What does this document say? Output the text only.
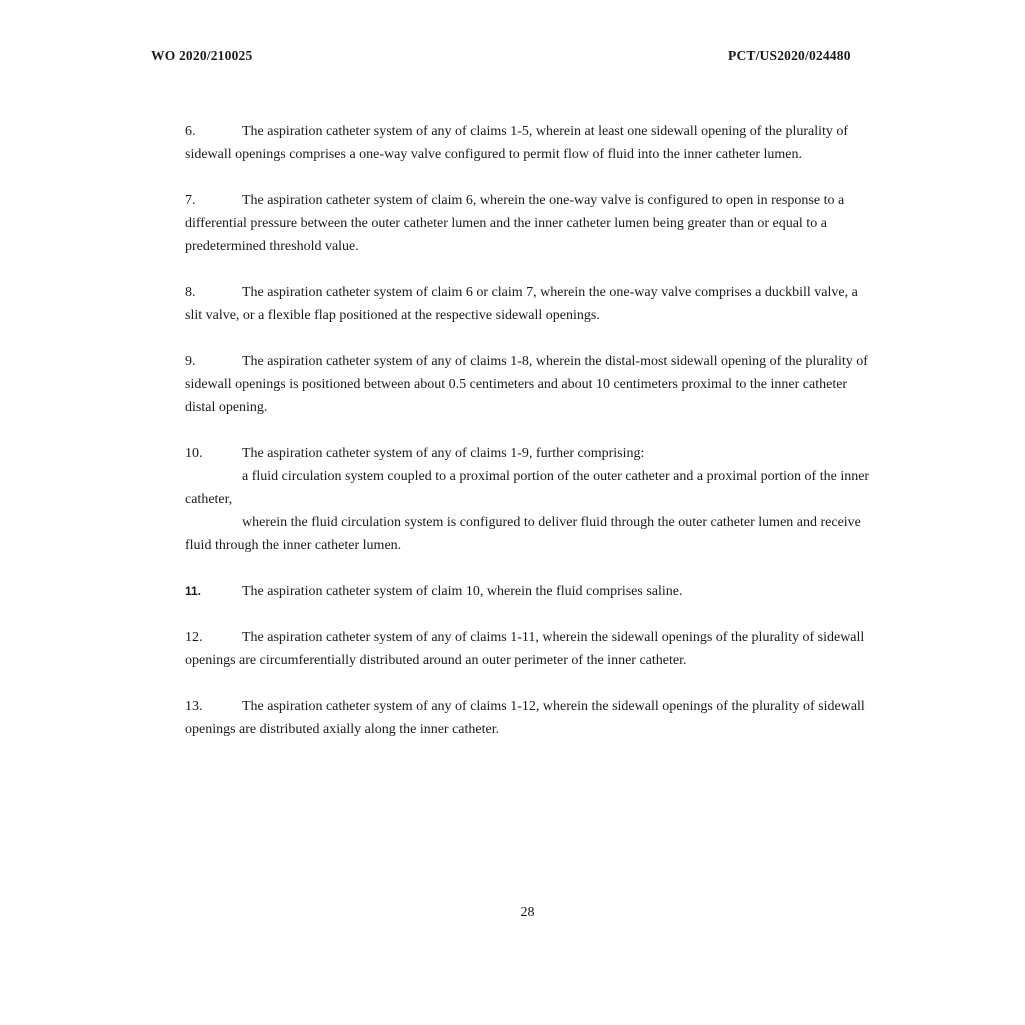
WO 2020/210025	PCT/US2020/024480

6.	The aspiration catheter system of any of claims 1-5, wherein at least one sidewall opening of the plurality of sidewall openings comprises a one-way valve configured to permit flow of fluid into the inner catheter lumen.

7.	The aspiration catheter system of claim 6, wherein the one-way valve is configured to open in response to a differential pressure between the outer catheter lumen and the inner catheter lumen being greater than or equal to a predetermined threshold value.

8.	The aspiration catheter system of claim 6 or claim 7, wherein the one-way valve comprises a duckbill valve, a slit valve, or a flexible flap positioned at the respective sidewall openings.

9.	The aspiration catheter system of any of claims 1-8, wherein the distal-most sidewall opening of the plurality of sidewall openings is positioned between about 0.5 centimeters and about 10 centimeters proximal to the inner catheter distal opening.

10.	The aspiration catheter system of any of claims 1-9, further comprising:

a fluid circulation system coupled to a proximal portion of the outer catheter and a proximal portion of the inner catheter,

wherein the fluid circulation system is configured to deliver fluid through the outer catheter lumen and receive fluid through the inner catheter lumen.

11.	The aspiration catheter system of claim 10, wherein the fluid comprises saline.

12.	The aspiration catheter system of any of claims 1-11, wherein the sidewall openings of the plurality of sidewall openings are circumferentially distributed around an outer perimeter of the inner catheter.

13.	The aspiration catheter system of any of claims 1-12, wherein the sidewall openings of the plurality of sidewall openings are distributed axially along the inner catheter.

28
